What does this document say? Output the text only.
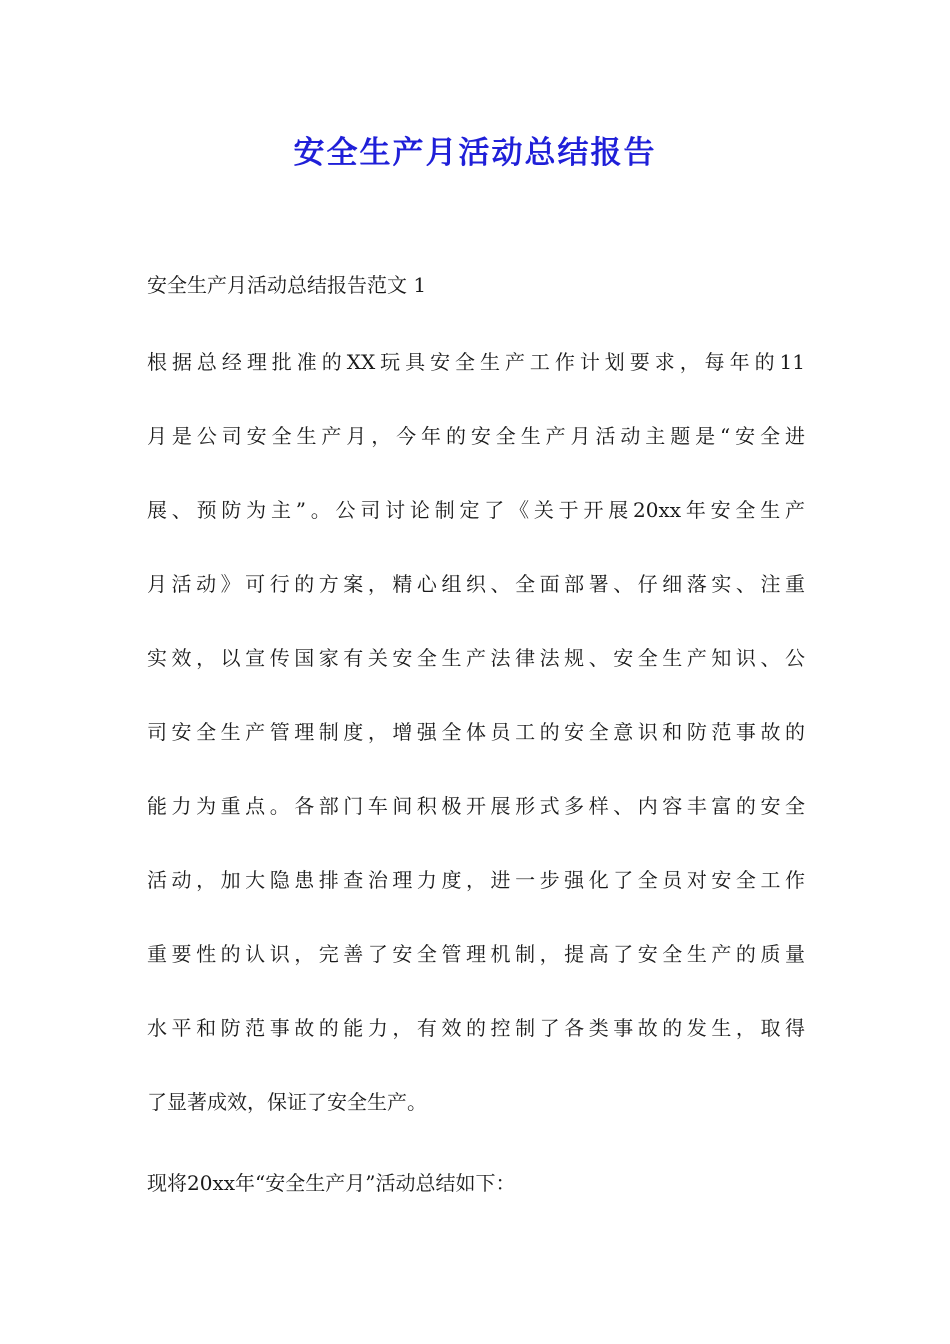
安全生产月活动总结报告
安全生产月活动总结报告范文 1
根据总经理批准的XX玩具安全生产工作计划要求，每年的11
月是公司安全生产月，今年的安全生产月活动主题是“安全进
展、预防为主”。公司讨论制定了《关于开展20xx年安全生产
月活动》可行的方案，精心组织、全面部署、仔细落实、注重
实效，以宣传国家有关安全生产法律法规、安全生产知识、公
司安全生产管理制度，增强全体员工的安全意识和防范事故的
能力为重点。各部门车间积极开展形式多样、内容丰富的安全
活动，加大隐患排查治理力度，进一步强化了全员对安全工作
重要性的认识，完善了安全管理机制，提高了安全生产的质量
水平和防范事故的能力，有效的控制了各类事故的发生，取得
了显著成效，保证了安全生产。
现将20xx年“安全生产月”活动总结如下：
